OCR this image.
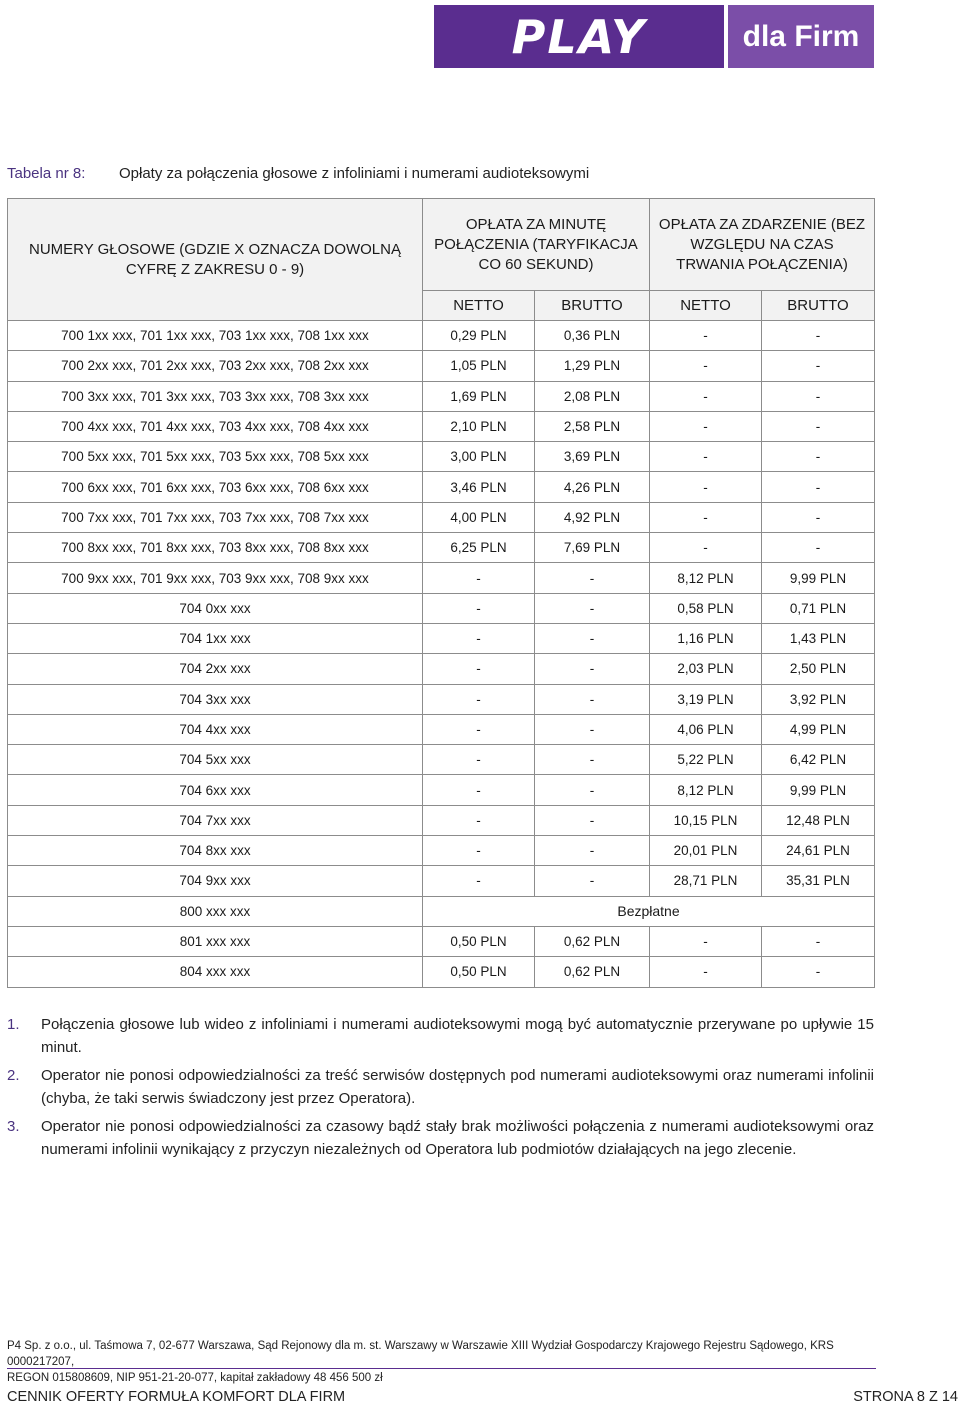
PLAY	dla Firm
Tabela nr 8: Opłaty za połączenia głosowe z infoliniami i numerami audioteksowymi
NUMERY GŁOSOWE (GDZIE X OZNACZA DOWOLNĄ CYFRĘ Z ZAKRESU 0 - 9)	OPŁATA ZA MINUTĘ POŁĄCZENIA (TARYFIKACJA CO 60 SEKUND)		OPŁATA ZA ZDARZENIE (BEZ WZGLĘDU NA CZAS TRWANIA POŁĄCZENIA)	
	NETTO	BRUTTO	NETTO	BRUTTO
700 1xx xxx, 701 1xx xxx, 703 1xx xxx, 708 1xx xxx	0,29 PLN	0,36 PLN	-	-
700 2xx xxx, 701 2xx xxx, 703 2xx xxx, 708 2xx xxx	1,05 PLN	1,29 PLN	-	-
700 3xx xxx, 701 3xx xxx, 703 3xx xxx, 708 3xx xxx	1,69 PLN	2,08 PLN	-	-
700 4xx xxx, 701 4xx xxx, 703 4xx xxx, 708 4xx xxx	2,10 PLN	2,58 PLN	-	-
700 5xx xxx, 701 5xx xxx, 703 5xx xxx, 708 5xx xxx	3,00 PLN	3,69 PLN	-	-
700 6xx xxx, 701 6xx xxx, 703 6xx xxx, 708 6xx xxx	3,46 PLN	4,26 PLN	-	-
700 7xx xxx, 701 7xx xxx, 703 7xx xxx, 708 7xx xxx	4,00 PLN	4,92 PLN	-	-
700 8xx xxx, 701 8xx xxx, 703 8xx xxx, 708 8xx xxx	6,25 PLN	7,69 PLN	-	-
700 9xx xxx, 701 9xx xxx, 703 9xx xxx, 708 9xx xxx	-	-	8,12 PLN	9,99 PLN
704 0xx xxx	-	-	0,58 PLN	0,71 PLN
704 1xx xxx	-	-	1,16 PLN	1,43 PLN
704 2xx xxx	-	-	2,03 PLN	2,50 PLN
704 3xx xxx	-	-	3,19 PLN	3,92 PLN
704 4xx xxx	-	-	4,06 PLN	4,99 PLN
704 5xx xxx	-	-	5,22 PLN	6,42 PLN
704 6xx xxx	-	-	8,12 PLN	9,99 PLN
704 7xx xxx	-	-	10,15 PLN	12,48 PLN
704 8xx xxx	-	-	20,01 PLN	24,61 PLN
704 9xx xxx	-	-	28,71 PLN	35,31 PLN
800 xxx xxx	Bezpłatne			
801 xxx xxx	0,50 PLN	0,62 PLN	-	-
804 xxx xxx	0,50 PLN	0,62 PLN	-	-
1. Połączenia głosowe lub wideo z infoliniami i numerami audioteksowymi mogą być automatycznie przerywane po upływie 15 minut.
2. Operator nie ponosi odpowiedzialności za treść serwisów dostępnych pod numerami audioteksowymi oraz numerami infolinii (chyba, że taki serwis świadczony jest przez Operatora).
3. Operator nie ponosi odpowiedzialności za czasowy bądź stały brak możliwości połączenia z numerami audioteksowymi oraz numerami infolinii wynikający z przyczyn niezależnych od Operatora lub podmiotów działających na jego zlecenie.
P4 Sp. z o.o., ul. Taśmowa 7, 02-677 Warszawa, Sąd Rejonowy dla m. st. Warszawy w Warszawie XIII Wydział Gospodarczy Krajowego Rejestru Sądowego, KRS 0000217207,
REGON 015808609, NIP 951-21-20-077, kapitał zakładowy 48 456 500 zł
CENNIK OFERTY FORMUŁA KOMFORT DLA FIRM	STRONA 8 Z 14
